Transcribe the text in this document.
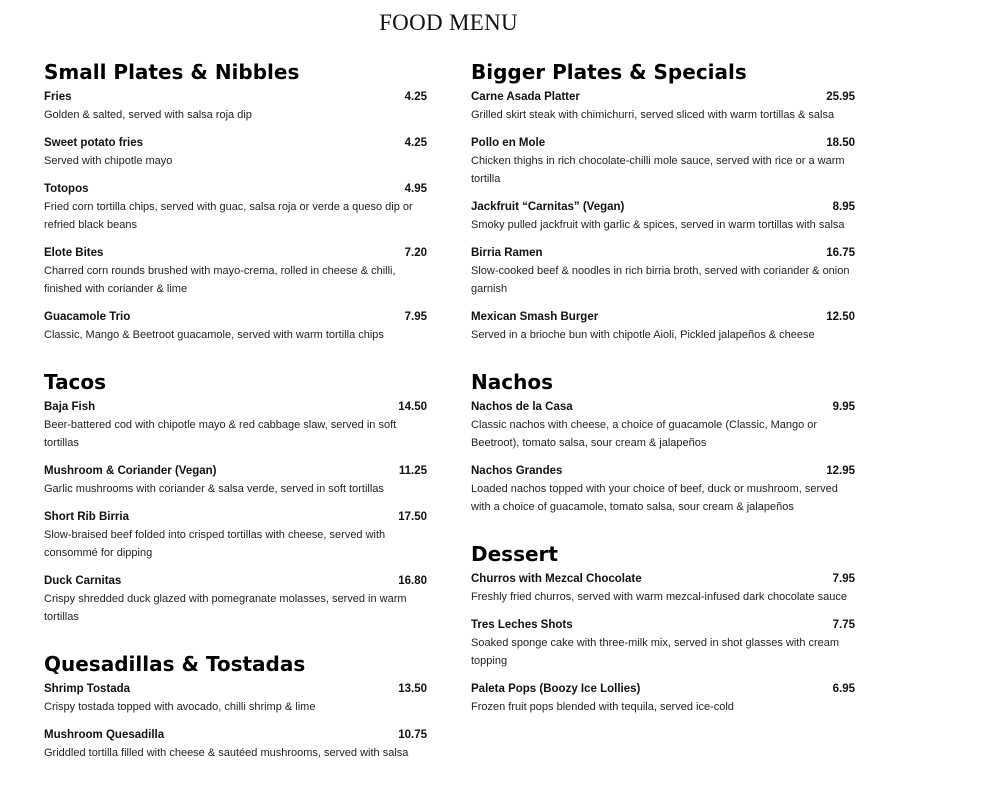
FOOD MENU
Small Plates & Nibbles
Fries	4.25

Golden & salted, served with salsa roja dip

Sweet potato fries	4.25

Served with chipotle mayo

Totopos	4.95

Fried corn tortilla chips, served with guac, salsa roja or verde a queso dip or refried black beans

Elote Bites	7.20

Charred corn rounds brushed with mayo-crema, rolled in cheese & chilli, finished with coriander & lime

Guacamole Trio	7.95

Classic, Mango & Beetroot guacamole, served with warm tortilla chips

Tacos
Baja Fish	14.50

Beer-battered cod with chipotle mayo & red cabbage slaw, served in soft tortillas

Mushroom & Coriander (Vegan)	11.25

Garlic mushrooms with coriander & salsa verde, served in soft tortillas

Short Rib Birria	17.50

Slow-braised beef folded into crisped tortillas with cheese, served with consommé for dipping

Duck Carnitas	16.80

Crispy shredded duck glazed with pomegranate molasses, served in warm tortillas

Quesadillas & Tostadas
Shrimp Tostada	13.50

Crispy tostada topped with avocado, chilli shrimp & lime

Mushroom Quesadilla	10.75

Griddled tortilla filled with cheese & sautéed mushrooms, served with salsa

Bigger Plates & Specials
Carne Asada Platter	25.95

Grilled skirt steak with chimichurri, served sliced with warm tortillas & salsa

Pollo en Mole	18.50

Chicken thighs in rich chocolate-chilli mole sauce, served with rice or a warm tortilla

Jackfruit “Carnitas” (Vegan)	8.95

Smoky pulled jackfruit with garlic & spices, served in warm tortillas with salsa

Birria Ramen	16.75

Slow-cooked beef & noodles in rich birria broth, served with coriander & onion garnish

Mexican Smash Burger	12.50

Served in a brioche bun with chipotle Aioli, Pickled jalapeños & cheese

Nachos
Nachos de la Casa	9.95

Classic nachos with cheese, a choice of guacamole (Classic, Mango or Beetroot), tomato salsa, sour cream & jalapeños

Nachos Grandes	12.95

Loaded nachos topped with your choice of beef, duck or mushroom, served with a choice of guacamole, tomato salsa, sour cream & jalapeños

Dessert
Churros with Mezcal Chocolate	7.95

Freshly fried churros, served with warm mezcal-infused dark chocolate sauce

Tres Leches Shots	7.75

Soaked sponge cake with three-milk mix, served in shot glasses with cream topping

Paleta Pops (Boozy Ice Lollies)	6.95

Frozen fruit pops blended with tequila, served ice-cold
